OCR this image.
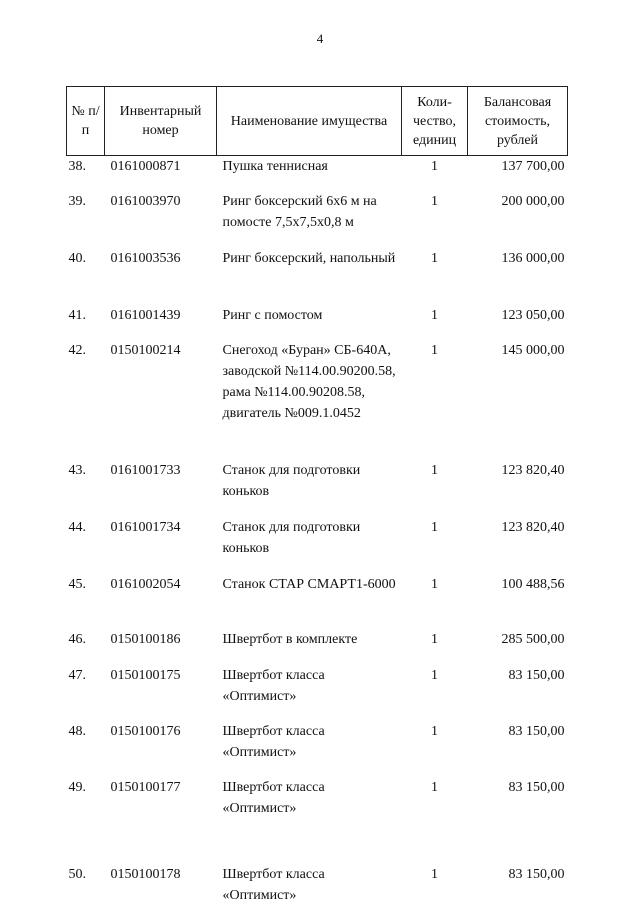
4
№ п/п	Инвентарный номер	Наименование имущества	Коли-чество, единиц	Балансовая стоимость, рублей
38.	0161000871	Пушка теннисная	1	137 700,00
39.	0161003970	Ринг боксерский 6х6 м на помосте 7,5х7,5х0,8 м	1	200 000,00
40.	0161003536	Ринг боксерский, напольный	1	136 000,00
41.	0161001439	Ринг с помостом	1	123 050,00
42.	0150100214	Снегоход «Буран» СБ-640А, заводской №114.00.90200.58, рама №114.00.90208.58, двигатель №009.1.0452	1	145 000,00
43.	0161001733	Станок для подготовки коньков	1	123 820,40
44.	0161001734	Станок для подготовки коньков	1	123 820,40
45.	0161002054	Станок СТАР СМАРТ1-6000	1	100 488,56
46.	0150100186	Швертбот в комплекте	1	285 500,00
47.	0150100175	Швертбот класса «Оптимист»	1	83 150,00
48.	0150100176	Швертбот класса «Оптимист»	1	83 150,00
49.	0150100177	Швертбот класса «Оптимист»	1	83 150,00
50.	0150100178	Швертбот класса «Оптимист»	1	83 150,00
